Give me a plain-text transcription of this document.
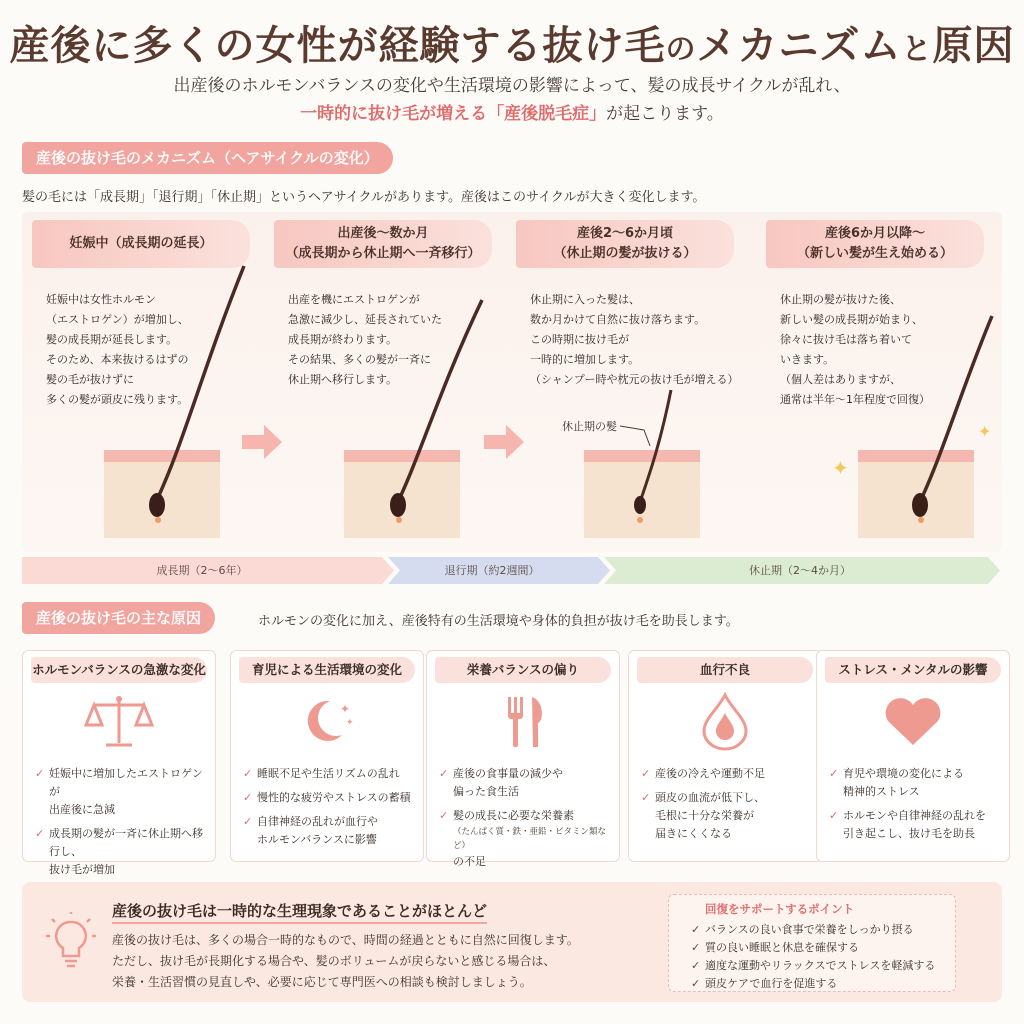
産後に多くの女性が経験する抜け毛のメカニズムと原因
出産後のホルモンバランスの変化や生活環境の影響によって、髪の成長サイクルが乱れ、
一時的に抜け毛が増える「産後脱毛症」が起こります。
産後の抜け毛のメカニズム（ヘアサイクルの変化）
髪の毛には「成長期」「退行期」「休止期」というヘアサイクルがあります。産後はこのサイクルが大きく変化します。
妊娠中（成長期の延長）
妊娠中は女性ホルモン
（エストロゲン）が増加し、
髪の成長期が延長します。
そのため、本来抜けるはずの
髪の毛が抜けずに
多くの髪が頭皮に残ります。
出産後〜数か月
（成長期から休止期へ一斉移行）
出産を機にエストロゲンが
急激に減少し、延長されていた
成長期が終わります。
その結果、多くの髪が一斉に
休止期へ移行します。
産後2〜6か月頃
（休止期の髪が抜ける）
休止期に入った髪は、
数か月かけて自然に抜け落ちます。
この時期に抜け毛が
一時的に増加します。
（シャンプー時や枕元の抜け毛が増える）
休止期の髪
産後6か月以降〜
（新しい髪が生え始める）
休止期の髪が抜けた後、
新しい髪の成長期が始まり、
徐々に抜け毛は落ち着いて
いきます。
（個人差はありますが、
通常は半年〜1年程度で回復）
✦
✦
成長期（2〜6年）	退行期（約2週間）	休止期（2〜4か月）
産後の抜け毛の主な原因	ホルモンの変化に加え、産後特有の生活環境や身体的負担が抜け毛を助長します。
ホルモンバランスの急激な変化
✓ 妊娠中に増加したエストロゲンが
出産後に急減
✓ 成長期の髪が一斉に休止期へ移行し、
抜け毛が増加
育児による生活環境の変化
✦
✦
✓ 睡眠不足や生活リズムの乱れ
✓ 慢性的な疲労やストレスの蓄積
✓ 自律神経の乱れが血行や
ホルモンバランスに影響
栄養バランスの偏り
✓ 産後の食事量の減少や
偏った食生活
✓ 髪の成長に必要な栄養素
（たんぱく質・鉄・亜鉛・ビタミン類など）
の不足
血行不良
✓ 産後の冷えや運動不足
✓ 頭皮の血流が低下し、
毛根に十分な栄養が
届きにくくなる
ストレス・メンタルの影響
✓ 育児や環境の変化による
精神的ストレス
✓ ホルモンや自律神経の乱れを
引き起こし、抜け毛を助長
産後の抜け毛は一時的な生理現象であることがほとんど
産後の抜け毛は、多くの場合一時的なもので、時間の経過とともに自然に回復します。
ただし、抜け毛が長期化する場合や、髪のボリュームが戻らないと感じる場合は、
栄養・生活習慣の見直しや、必要に応じて専門医への相談も検討しましょう。
回復をサポートするポイント
✓ バランスの良い食事で栄養をしっかり摂る
✓ 質の良い睡眠と休息を確保する
✓ 適度な運動やリラックスでストレスを軽減する
✓ 頭皮ケアで血行を促進する
